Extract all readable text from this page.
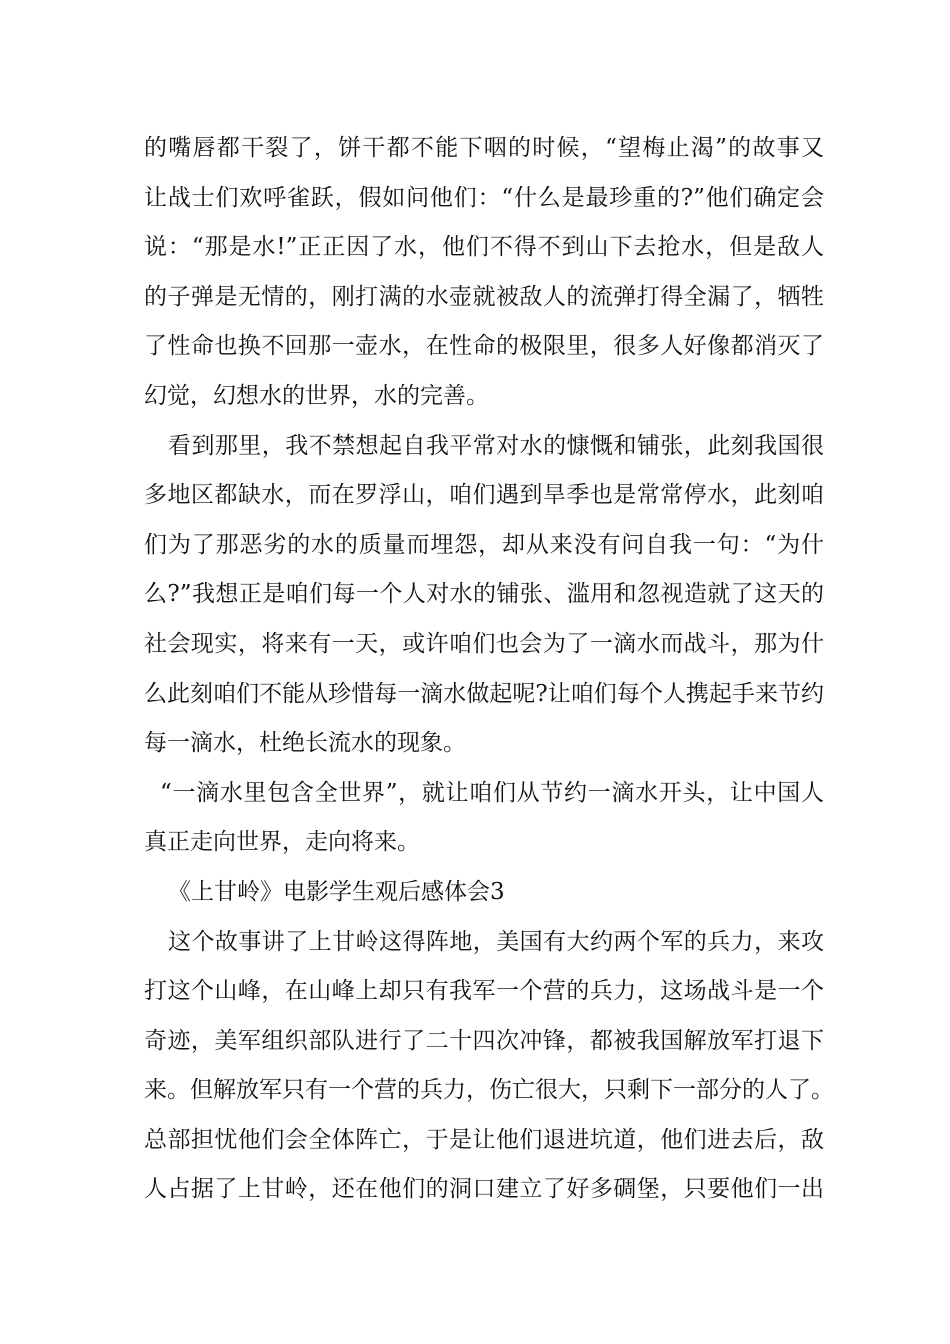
的嘴唇都干裂了，饼干都不能下咽的时候，“望梅止渴”的故事又
让战士们欢呼雀跃，假如问他们：“什么是最珍重的?”他们确定会
说：“那是水!”正正因了水，他们不得不到山下去抢水，但是敌人
的子弹是无情的，刚打满的水壶就被敌人的流弹打得全漏了，牺牲
了性命也换不回那一壶水，在性命的极限里，很多人好像都消灭了
幻觉，幻想水的世界，水的完善。
看到那里，我不禁想起自我平常对水的慷慨和铺张，此刻我国很
多地区都缺水，而在罗浮山，咱们遇到旱季也是常常停水，此刻咱
们为了那恶劣的水的质量而埋怨，却从来没有问自我一句：“为什
么?”我想正是咱们每一个人对水的铺张、滥用和忽视造就了这天的
社会现实，将来有一天，或许咱们也会为了一滴水而战斗，那为什
么此刻咱们不能从珍惜每一滴水做起呢?让咱们每个人携起手来节约
每一滴水，杜绝长流水的现象。
“一滴水里包含全世界”，就让咱们从节约一滴水开头，让中国人
真正走向世界，走向将来。
《上甘岭》电影学生观后感体会3
这个故事讲了上甘岭这得阵地，美国有大约两个军的兵力，来攻
打这个山峰，在山峰上却只有我军一个营的兵力，这场战斗是一个
奇迹，美军组织部队进行了二十四次冲锋，都被我国解放军打退下
来。但解放军只有一个营的兵力，伤亡很大，只剩下一部分的人了。
总部担忧他们会全体阵亡，于是让他们退进坑道，他们进去后，敌
人占据了上甘岭，还在他们的洞口建立了好多碉堡，只要他们一出
